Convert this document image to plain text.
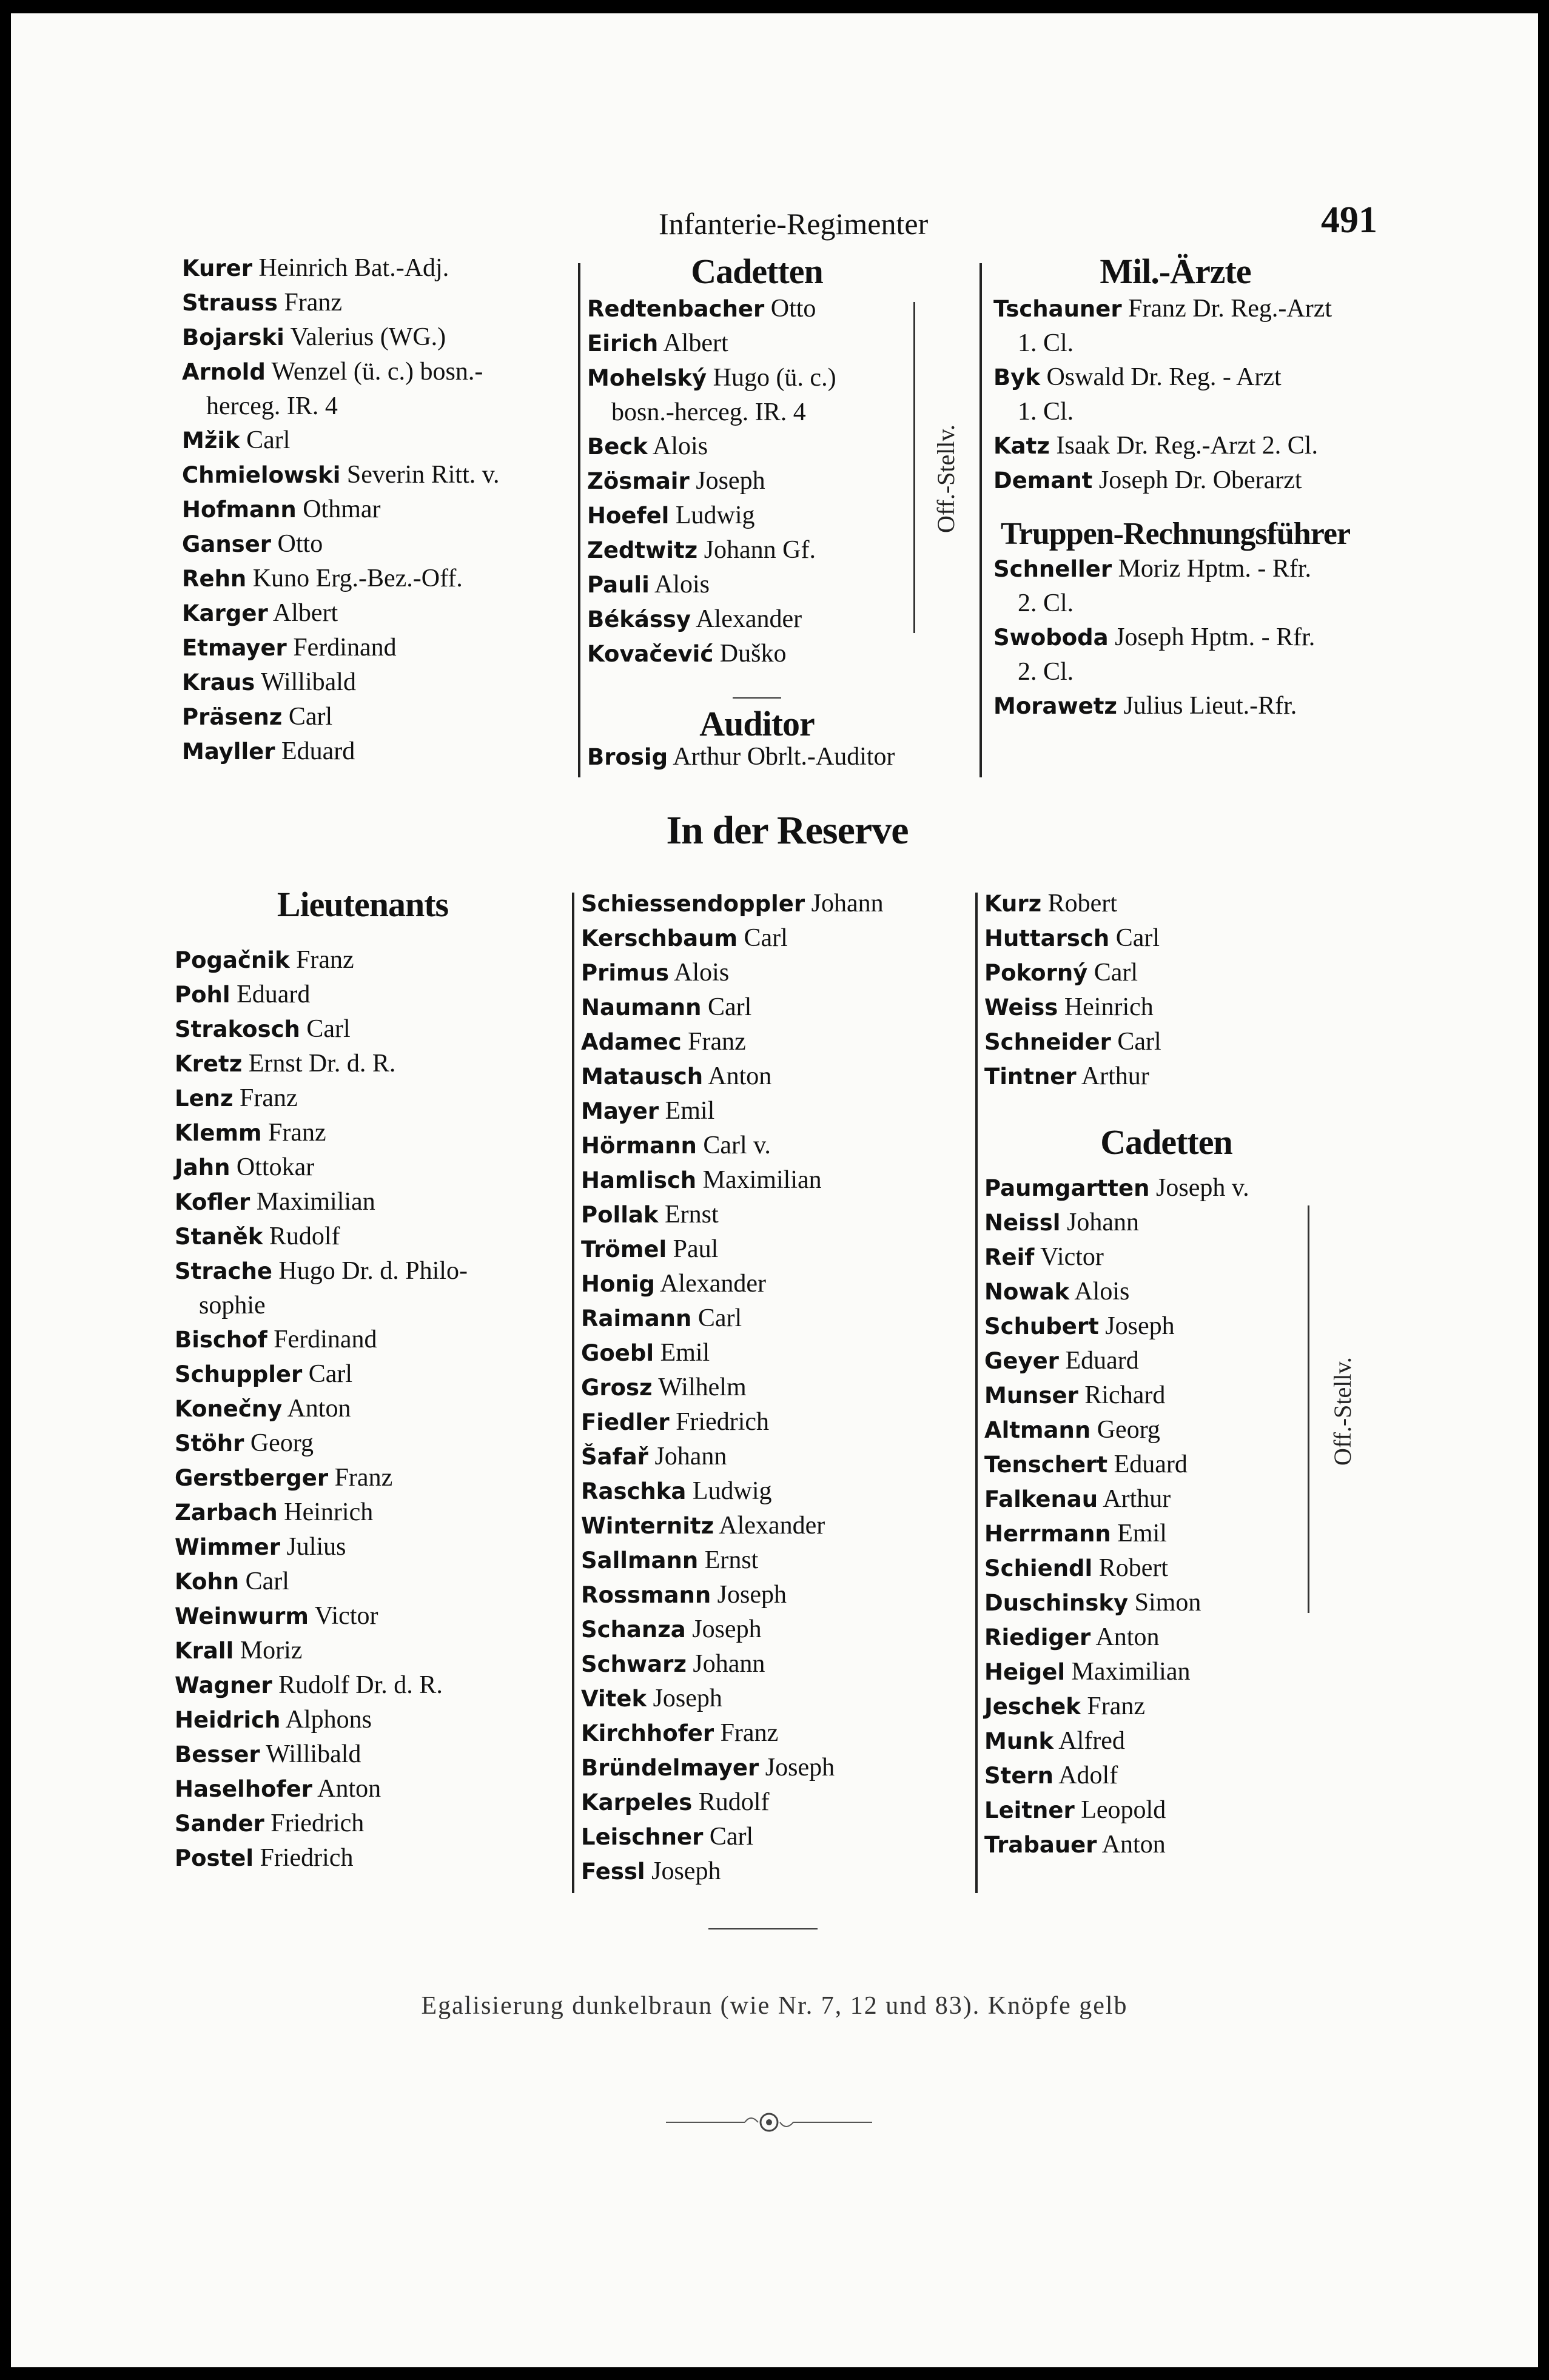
Infanterie-Regimenter	491
Kurer Heinrich Bat.-Adj.
Strauss Franz
Bojarski Valerius (WG.)
Arnold Wenzel (ü. c.) bosn.-
herceg. IR. 4
Mžik Carl
Chmielowski Severin Ritt. v.
Hofmann Othmar
Ganser Otto
Rehn Kuno Erg.-Bez.-Off.
Karger Albert
Etmayer Ferdinand
Kraus Willibald
Präsenz Carl
Mayller Eduard
Cadetten
Redtenbacher Otto
Eirich Albert
Mohelský Hugo (ü. c.)
bosn.-herceg. IR. 4
Beck Alois
Zösmair Joseph
Hoefel Ludwig
Zedtwitz Johann Gf.
Pauli Alois
Békássy Alexander
Kovačević Duško
Auditor
Brosig Arthur Obrlt.-Auditor
Off.-Stellv.
Mil.-Ärzte
Tschauner Franz Dr. Reg.-Arzt
1. Cl.
Byk Oswald Dr. Reg. - Arzt
1. Cl.
Katz Isaak Dr. Reg.-Arzt 2. Cl.
Demant Joseph Dr. Oberarzt
Truppen-Rechnungsführer
Schneller Moriz Hptm. - Rfr.
2. Cl.
Swoboda Joseph Hptm. - Rfr.
2. Cl.
Morawetz Julius Lieut.-Rfr.
In der Reserve
Lieutenants
Pogačnik Franz
Pohl Eduard
Strakosch Carl
Kretz Ernst Dr. d. R.
Lenz Franz
Klemm Franz
Jahn Ottokar
Kofler Maximilian
Staněk Rudolf
Strache Hugo Dr. d. Philo-
sophie
Bischof Ferdinand
Schuppler Carl
Konečny Anton
Stöhr Georg
Gerstberger Franz
Zarbach Heinrich
Wimmer Julius
Kohn Carl
Weinwurm Victor
Krall Moriz
Wagner Rudolf Dr. d. R.
Heidrich Alphons
Besser Willibald
Haselhofer Anton
Sander Friedrich
Postel Friedrich
Schiessendoppler Johann
Kerschbaum Carl
Primus Alois
Naumann Carl
Adamec Franz
Matausch Anton
Mayer Emil
Hörmann Carl v.
Hamlisch Maximilian
Pollak Ernst
Trömel Paul
Honig Alexander
Raimann Carl
Goebl Emil
Grosz Wilhelm
Fiedler Friedrich
Šafař Johann
Raschka Ludwig
Winternitz Alexander
Sallmann Ernst
Rossmann Joseph
Schanza Joseph
Schwarz Johann
Vitek Joseph
Kirchhofer Franz
Bründelmayer Joseph
Karpeles Rudolf
Leischner Carl
Fessl Joseph
Kurz Robert
Huttarsch Carl
Pokorný Carl
Weiss Heinrich
Schneider Carl
Tintner Arthur
Cadetten
Paumgartten Joseph v.
Neissl Johann
Reif Victor
Nowak Alois
Schubert Joseph
Geyer Eduard
Munser Richard
Altmann Georg
Tenschert Eduard
Falkenau Arthur
Herrmann Emil
Schiendl Robert
Duschinsky Simon
Riediger Anton
Heigel Maximilian
Jeschek Franz
Munk Alfred
Stern Adolf
Leitner Leopold
Trabauer Anton
Off.-Stellv.
Egalisierung dunkelbraun (wie Nr. 7, 12 und 83). Knöpfe gelb
